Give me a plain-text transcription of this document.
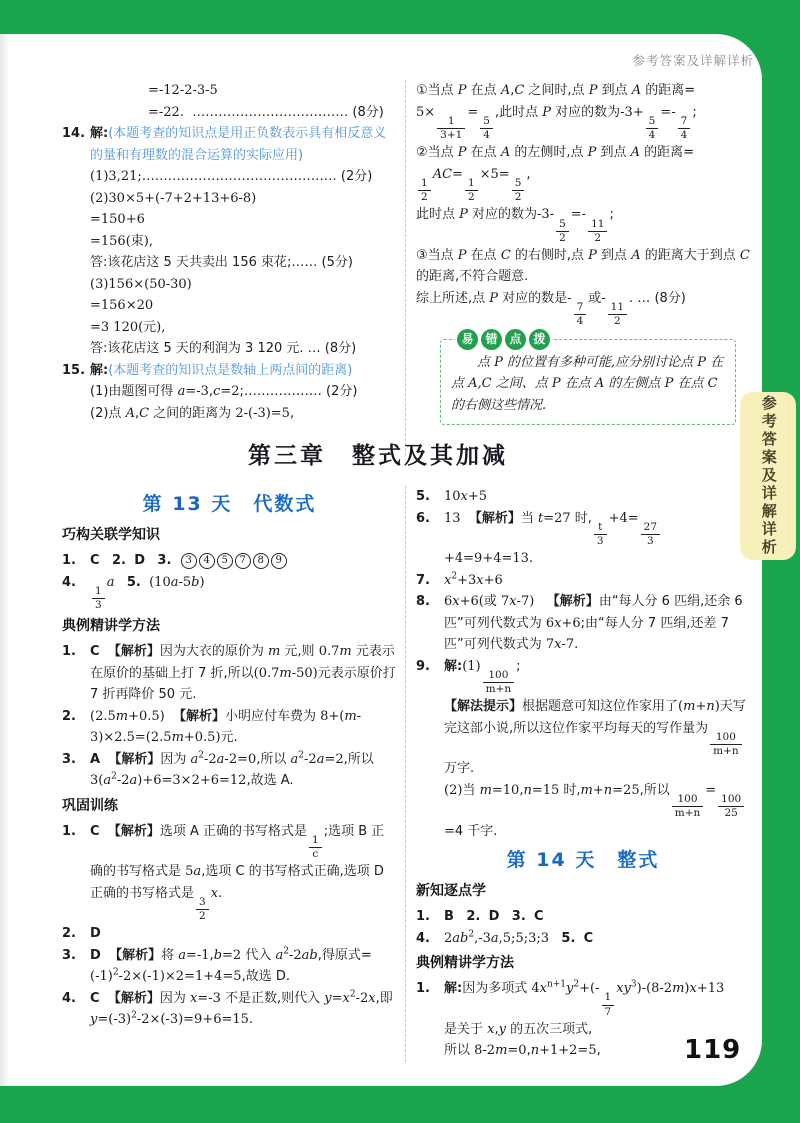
参考答案及详解详析
=-12-2-3-5
=-22.  ……………………………… (8分)
14. 解:(本题考查的知识点是用正负数表示具有相反意义的量和有理数的混合运算的实际应用)
(1)3,21;……………………………………… (2分)
(2)30×5+(-7+2+13+6-8)
=150+6
=156(束),
答:该花店这 5 天共卖出 156 束花;…… (5分)
(3)156×(50-30)
=156×20
=3 120(元),
答:该花店这 5 天的利润为 3 120 元. … (8分)
15. 解:(本题考查的知识点是数轴上两点间的距离)
(1)由题图可得 a=-3,c=2;……………… (2分)
(2)点 A,C 之间的距离为 2-(-3)=5,
①当点 P 在点 A,C 之间时,点 P 到点 A 的距离=
5×
$\frac{1}{3+1}$
=
$\frac{5}{4}$
,此时点 P 对应的数为-3+
$\frac{5}{4}$
=-
$\frac{7}{4}$
;
②当点 P 在点 A 的左侧时,点 P 到点 A 的距离=
$\frac{1}{2}$
AC=
$\frac{1}{2}$
×5=
$\frac{5}{2}$
,
此时点 P 对应的数为-3-
$\frac{5}{2}$
=-
$\frac{11}{2}$
;
③当点 P 在点 C 的右侧时,点 P 到点 A 的距离大于到点 C 的距离,不符合题意.
综上所述,点 P 对应的数是-
$\frac{7}{4}$
或-
$\frac{11}{2}$
. … (8分)
易 错 点 拨
点 P 的位置有多种可能,应分别讨论点 P 在点 A,C 之间、点 P 在点 A 的左侧点 P 在点 C 的右侧这些情况.
第三章　整式及其加减
第 13 天　代数式
巧构关联学知识
1.	C 2. D 3. 3 4 5 7 8 9
4.
$\frac{1}{3}$
a 5. (10a-5b)
典例精讲学方法
1.	C 【解析】因为大衣的原价为 m 元,则 0.7m 元表示在原价的基础上打 7 折,所以(0.7m-50)元表示原价打 7 折再降价 50 元.
2.	(2.5m+0.5) 【解析】小明应付车费为 8+(m-3)×2.5=(2.5m+0.5)元.
3.	A 【解析】因为 $a^2-2a-2=0$,所以 $a^2-2a=2$,所以 $3(a^2-2a)+6=3\times 2+6=12$,故选 A.
巩固训练
1.	C 【解析】选项 A 正确的书写格式是
$\frac{1}{c}$
;选项 B 正确的书写格式是 5a,选项 C 的书写格式正确,选项 D 正确的书写格式是
$\frac{3}{2}$
x.
2.	D
3.	D 【解析】将 a=-1,b=2 代入 $a^2-2ab$,得原式$=(-1)^2-2\times(-1)\times 2=1+4=5$,故选 D.
4.	C 【解析】因为 x=-3 不是正数,则代入 $y=x^2-2x$,即 $y=(-3)^2-2\times(-3)=9+6=15$.
5.	10x+5
6.	13 【解析】当 t=27 时,
$\frac{t}{3}$
+4=
$\frac{27}{3}$
+4=9+4=13.
7.	$x^2+3x+6$
8.	6x+6(或 7x-7) 【解析】由“每人分 6 匹绢,还余 6 匹”可列代数式为 6x+6;由“每人分 7 匹绢,还差 7 匹”可列代数式为 7x-7.
9.	解:(1)
$\frac{100}{m+n}$
;
【解法提示】根据题意可知这位作家用了(m+n)天写完这部小说,所以这位作家平均每天的写作量为
$\frac{100}{m+n}$
万字.
(2)当 m=10,n=15 时,m+n=25,所以
$\frac{100}{m+n}$
=
$\frac{100}{25}$
=4 千字.
第 14 天　整式
新知逐点学
1.	B 2. D 3. C
4.	$2ab^2,-3a,5;5;3;3$ 5. C
典例精讲学方法
1.	解:因为多项式 $4x^{n+1}y^2+(-$
$\frac{1}{7}$
$xy^3)-(8-2m)x+13$
是关于 x,y 的五次三项式,
所以 8-2m=0,n+1+2=5,	119
参考答案及详解详析
